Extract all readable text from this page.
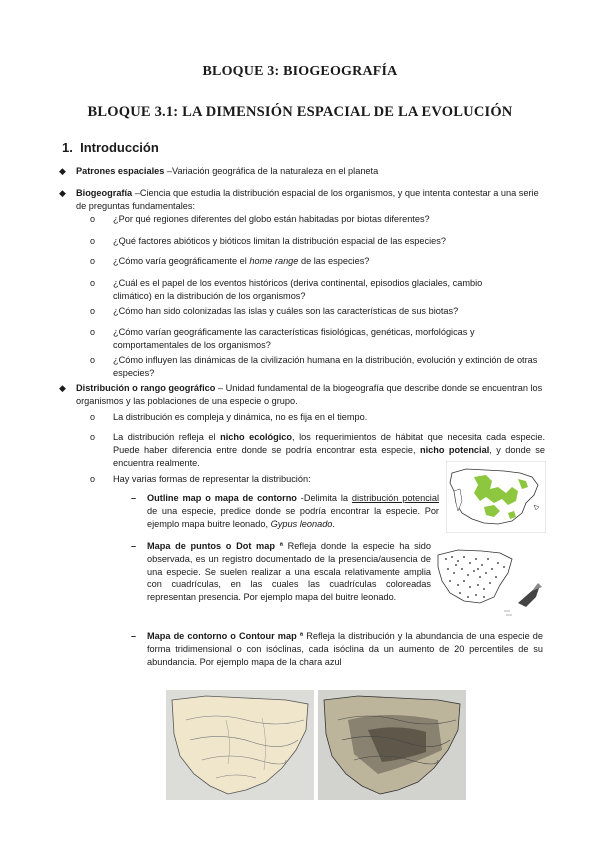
BLOQUE 3: BIOGEOGRAFÍA
BLOQUE 3.1: LA DIMENSIÓN ESPACIAL DE LA EVOLUCIÓN
1. Introducción
◆ Patrones espaciales –Variación geográfica de la naturaleza en el planeta
◆ Biogeografía –Ciencia que estudia la distribución espacial de los organismos, y que intenta contestar a una serie de preguntas fundamentales:
o ¿Por qué regiones diferentes del globo están habitadas por biotas diferentes?
o ¿Qué factores abióticos y bióticos limitan la distribución espacial de las especies?
o ¿Cómo varía geográficamente el home range de las especies?
o ¿Cuál es el papel de los eventos históricos (deriva continental, episodios glaciales, cambio climático) en la distribución de los organismos?
o ¿Cómo han sido colonizadas las islas y cuáles son las características de sus biotas?
o ¿Cómo varían geográficamente las características fisiológicas, genéticas, morfológicas y comportamentales de los organismos?
o ¿Cómo influyen las dinámicas de la civilización humana en la distribución, evolución y extinción de otras especies?
◆ Distribución o rango geográfico – Unidad fundamental de la biogeografía que describe donde se encuentran los organismos y las poblaciones de una especie o grupo.
o La distribución es compleja y dinámica, no es fija en el tiempo.
o La distribución refleja el nicho ecológico, los requerimientos de hábitat que necesita cada especie. Puede haber diferencia entre donde se podría encontrar esta especie, nicho potencial, y donde se encuentra realmente.
o Hay varias formas de representar la distribución:
– Outline map o mapa de contorno -Delimita la distribución potencial de una especie, predice donde se podría encontrar la especie. Por ejemplo mapa buitre leonado, Gypus leonado.
– Mapa de puntos o Dot map ª Refleja donde la especie ha sido observada, es un registro documentado de la presencia/ausencia de una especie. Se suelen realizar a una escala relativamente amplia con cuadrículas, en las cuales las cuadrículas coloreadas representan presencia. Por ejemplo mapa del buitre leonado.
– Mapa de contorno o Contour map ª Refleja la distribución y la abundancia de una especie de forma tridimensional o con isóclinas, cada isóclina da un aumento de 20 percentiles de su abundancia. Por ejemplo mapa de la chara azul
